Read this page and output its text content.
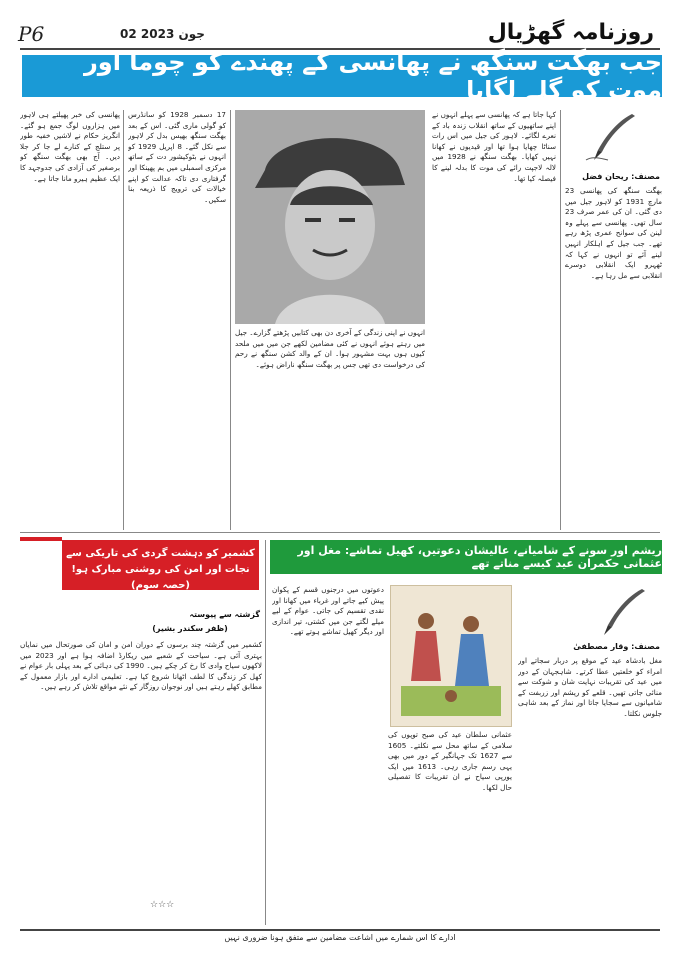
P6	02 جون 2023	روزنامہ گھڑیال
جب بھگت سنگھ نے پھانسی کے پھندے کو چوما اور موت کو گلے لگایا
مصنف: ریحان فضل
بھگت سنگھ کی پھانسی 23 مارچ 1931 کو لاہور جیل میں دی گئی۔ ان کی عمر صرف 23 سال تھی۔ پھانسی سے پہلے وہ لینن کی سوانح عمری پڑھ رہے تھے۔ جب جیل کے اہلکار انہیں لینے آئے تو انہوں نے کہا کہ ٹھہرو ایک انقلابی دوسرے انقلابی سے مل رہا ہے۔
کہا جاتا ہے کہ پھانسی سے پہلے انہوں نے اپنے ساتھیوں کے ساتھ انقلاب زندہ باد کے نعرے لگائے۔ لاہور کی جیل میں اس رات سناٹا چھایا ہوا تھا اور قیدیوں نے کھانا نہیں کھایا۔ بھگت سنگھ نے 1928 میں لالہ لاجپت رائے کی موت کا بدلہ لینے کا فیصلہ کیا تھا۔
انہوں نے اپنی زندگی کے آخری دن بھی کتابیں پڑھتے گزارے۔ جیل میں رہتے ہوئے انہوں نے کئی مضامین لکھے جن میں میں ملحد کیوں ہوں بہت مشہور ہوا۔ ان کے والد کشن سنگھ نے رحم کی درخواست دی تھی جس پر بھگت سنگھ ناراض ہوئے۔
17 دسمبر 1928 کو سانڈرس کو گولی ماری گئی۔ اس کے بعد بھگت سنگھ بھیس بدل کر لاہور سے نکل گئے۔ 8 اپریل 1929 کو انہوں نے بٹوکیشور دت کے ساتھ مرکزی اسمبلی میں بم پھینکا اور گرفتاری دی تاکہ عدالت کو اپنے خیالات کی ترویج کا ذریعہ بنا سکیں۔
پھانسی کی خبر پھیلتے ہی لاہور میں ہزاروں لوگ جمع ہو گئے۔ انگریز حکام نے لاشیں خفیہ طور پر ستلج کے کنارے لے جا کر جلا دیں۔ آج بھی بھگت سنگھ کو برصغیر کی آزادی کی جدوجہد کا ایک عظیم ہیرو مانا جاتا ہے۔
کشمیر کو دہشت گردی کی تاریکی سے
نجات اور امن کی روشنی مبارک ہو! (حصہ سوم)
گزشتہ سے پیوستہ
(ظفر سکندر بشیر)
کشمیر میں گزشتہ چند برسوں کے دوران امن و امان کی صورتحال میں نمایاں بہتری آئی ہے۔ سیاحت کے شعبے میں ریکارڈ اضافہ ہوا ہے اور 2023 میں لاکھوں سیاح وادی کا رخ کر چکے ہیں۔ 1990 کی دہائی کے بعد پہلی بار عوام نے کھل کر زندگی کا لطف اٹھانا شروع کیا ہے۔ تعلیمی ادارے اور بازار معمول کے مطابق کھلے رہتے ہیں اور نوجوان روزگار کے نئے مواقع تلاش کر رہے ہیں۔
☆☆☆
ریشم اور سونے کے شامیانے، عالیشان دعوتیں، کھیل تماشے: مغل اور عثمانی حکمران عید کیسے مناتے تھے
مصنف: وقار مصطفیٰ
مغل بادشاہ عید کے موقع پر دربار سجاتے اور امراء کو خلعتیں عطا کرتے۔ شاہجہان کے دور میں عید کی تقریبات نہایت شان و شوکت سے منائی جاتی تھیں۔ قلعے کو ریشم اور زربفت کے شامیانوں سے سجایا جاتا اور نماز کے بعد شاہی جلوس نکلتا۔
عثمانی سلطان عید کی صبح توپوں کی سلامی کے ساتھ محل سے نکلتے۔ 1605 سے 1627 تک جہانگیر کے دور میں بھی یہی رسم جاری رہی۔ 1613 میں ایک یورپی سیاح نے ان تقریبات کا تفصیلی حال لکھا۔
دعوتوں میں درجنوں قسم کے پکوان پیش کیے جاتے اور غرباء میں کھانا اور نقدی تقسیم کی جاتی۔ عوام کے لیے میلے لگتے جن میں کشتی، تیر اندازی اور دیگر کھیل تماشے ہوتے تھے۔
ادارے کا اس شمارے میں اشاعت مضامین سے متفق ہونا ضروری نہیں
